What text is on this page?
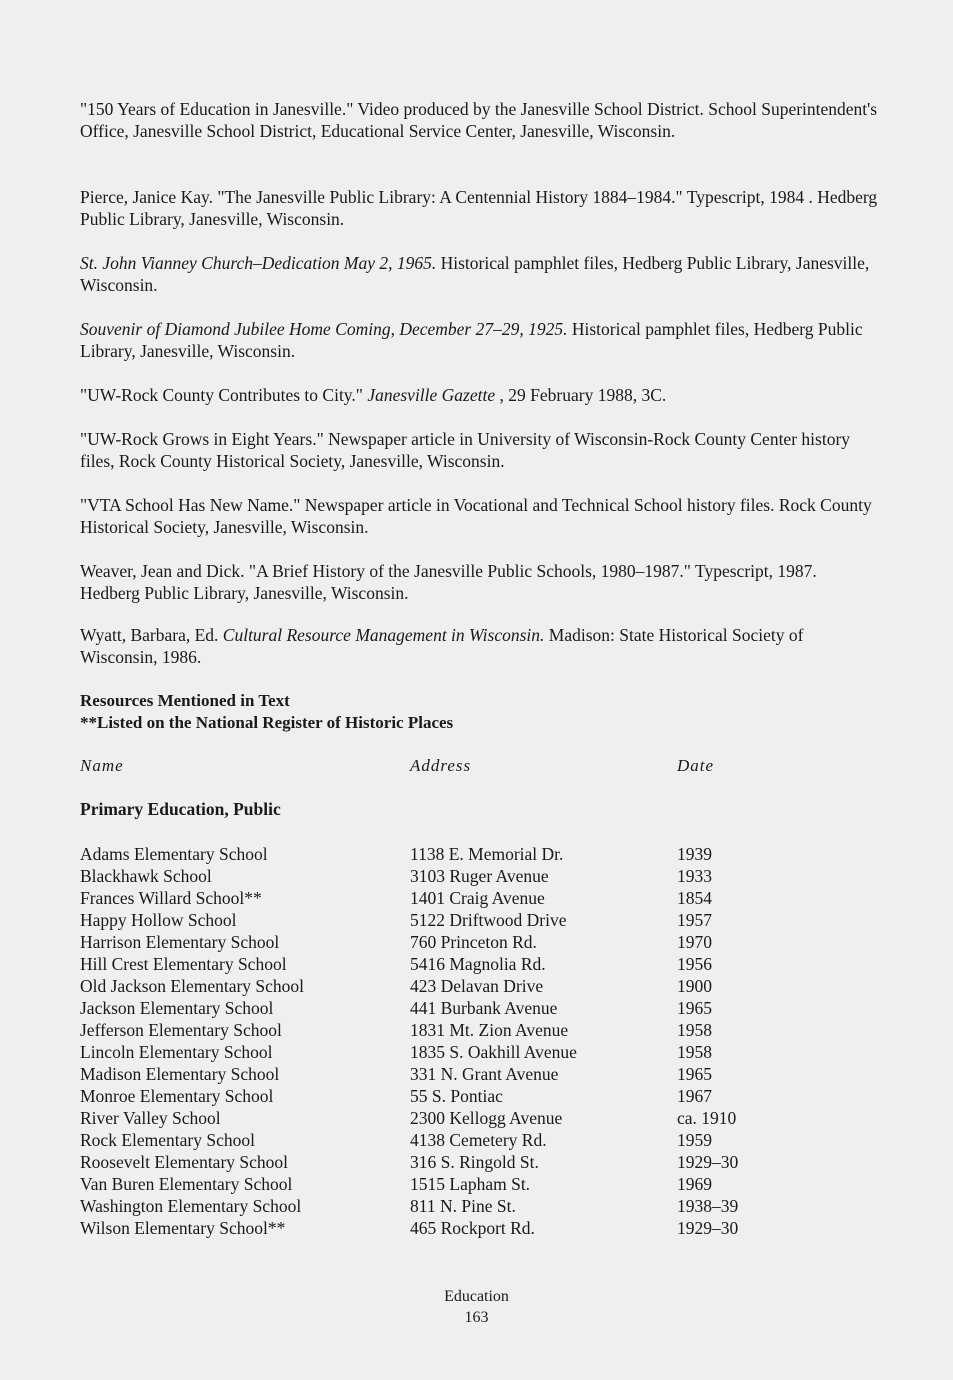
"150 Years of Education in Janesville." Video produced by the Janesville School District. School Superintendent's Office, Janesville School District, Educational Service Center, Janesville, Wisconsin.

Pierce, Janice Kay. "The Janesville Public Library: A Centennial History 1884–1984." Typescript, 1984 . Hedberg Public Library, Janesville, Wisconsin.

St. John Vianney Church–Dedication May 2, 1965. Historical pamphlet files, Hedberg Public Library, Janesville, Wisconsin.

Souvenir of Diamond Jubilee Home Coming, December 27–29, 1925. Historical pamphlet files, Hedberg Public Library, Janesville, Wisconsin.

"UW-Rock County Contributes to City." Janesville Gazette , 29 February 1988, 3C.

"UW-Rock Grows in Eight Years." Newspaper article in University of Wisconsin-Rock County Center history files, Rock County Historical Society, Janesville, Wisconsin.

"VTA School Has New Name." Newspaper article in Vocational and Technical School history files. Rock County Historical Society, Janesville, Wisconsin.

Weaver, Jean and Dick. "A Brief History of the Janesville Public Schools, 1980–1987." Typescript, 1987. Hedberg Public Library, Janesville, Wisconsin.

Wyatt, Barbara, Ed. Cultural Resource Management in Wisconsin. Madison: State Historical Society of Wisconsin, 1986.

Resources Mentioned in Text

**Listed on the National Register of Historic Places

Name	Address	Date
Primary Education, Public
Adams Elementary School	1138 E. Memorial Dr.	1939
Blackhawk School	3103 Ruger Avenue	1933
Frances Willard School**	1401 Craig Avenue	1854
Happy Hollow School	5122 Driftwood Drive	1957
Harrison Elementary School	760 Princeton Rd.	1970
Hill Crest Elementary School	5416 Magnolia Rd.	1956
Old Jackson Elementary School	423 Delavan Drive	1900
Jackson Elementary School	441 Burbank Avenue	1965
Jefferson Elementary School	1831 Mt. Zion Avenue	1958
Lincoln Elementary School	1835 S. Oakhill Avenue	1958
Madison Elementary School	331 N. Grant Avenue	1965
Monroe Elementary School	55 S. Pontiac	1967
River Valley School	2300 Kellogg Avenue	ca. 1910
Rock Elementary School	4138 Cemetery Rd.	1959
Roosevelt Elementary School	316 S. Ringold St.	1929–30
Van Buren Elementary School	1515 Lapham St.	1969
Washington Elementary School	811 N. Pine St.	1938–39
Wilson Elementary School**	465 Rockport Rd.	1929–30
Education
163
